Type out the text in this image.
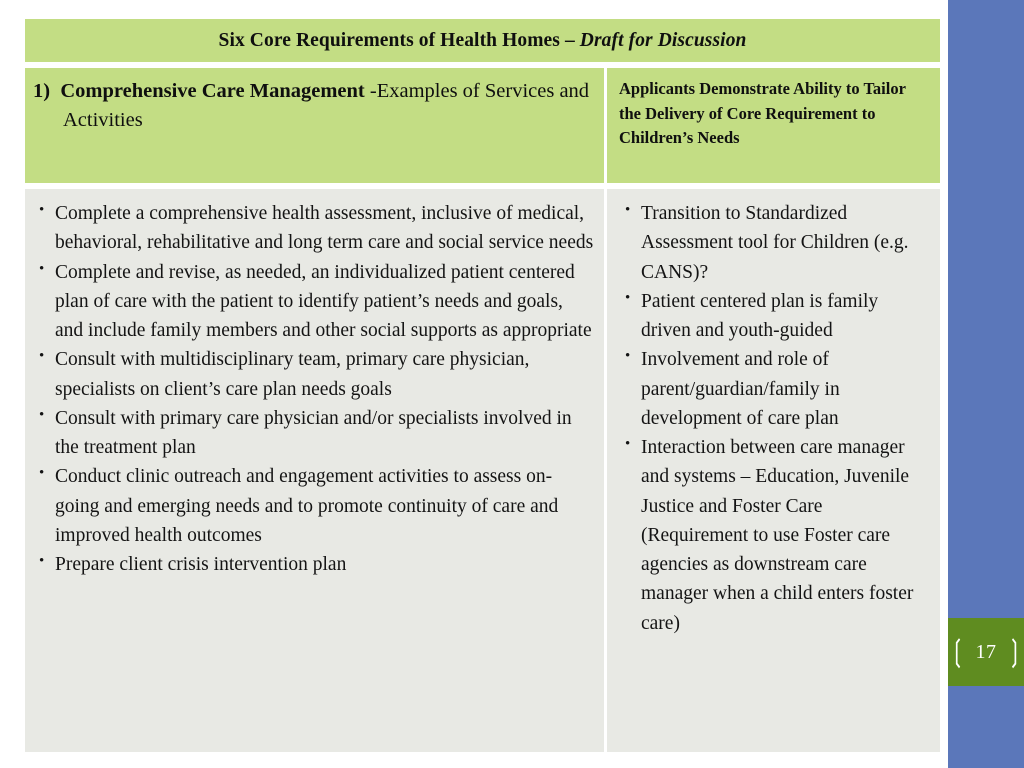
Six Core Requirements of Health Homes – Draft for Discussion
1) Comprehensive Care Management -Examples of Services and Activities
Applicants Demonstrate Ability to Tailor the Delivery of Core Requirement to Children’s Needs
• Complete a comprehensive health assessment, inclusive of medical, behavioral, rehabilitative and long term care and social service needs
• Complete and revise, as needed, an individualized patient centered plan of care with the patient to identify patient’s needs and goals, and include family members and other social supports as appropriate
• Consult with multidisciplinary team, primary care physician, specialists on client’s care plan needs goals
• Consult with primary care physician and/or specialists involved in the treatment plan
• Conduct clinic outreach and engagement activities to assess on-going and emerging needs and to promote continuity of care and improved health outcomes
• Prepare client crisis intervention plan
• Transition to Standardized Assessment tool for Children (e.g. CANS)?
• Patient centered plan is family driven and youth-guided
• Involvement and role of parent/guardian/family in development of care plan
• Interaction between care manager and systems – Education, Juvenile Justice and Foster Care (Requirement to use Foster care agencies as downstream care manager when a child enters foster care)
❲ 17 ❳
